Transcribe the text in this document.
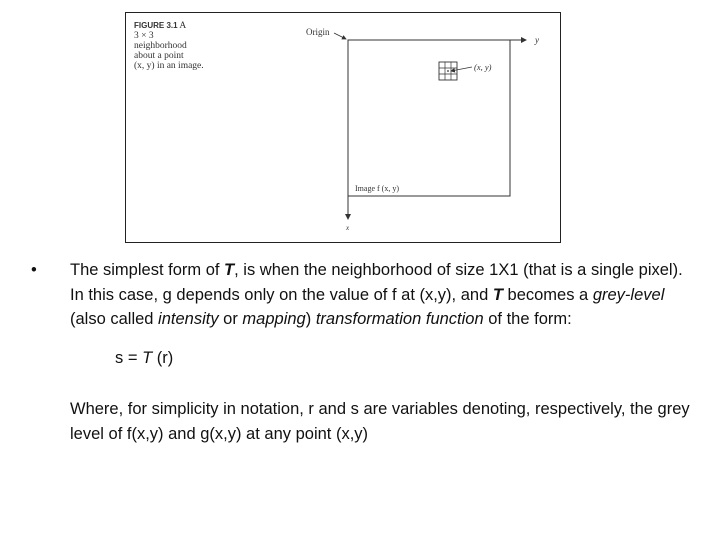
FIGURE 3.1 A
3 × 3
neighborhood
about a point
(x, y) in an image.
Origin
y
x
(x, y)
Image f (x, y)
• The simplest form of T, is when the neighborhood of size 1X1 (that is a single pixel). In this case, g depends only on the value of f at (x,y), and T becomes a grey-level (also called intensity or mapping) transformation function of the form:
s = T (r)
Where, for simplicity in notation, r and s are variables denoting, respectively, the grey level of f(x,y) and g(x,y) at any point (x,y)
